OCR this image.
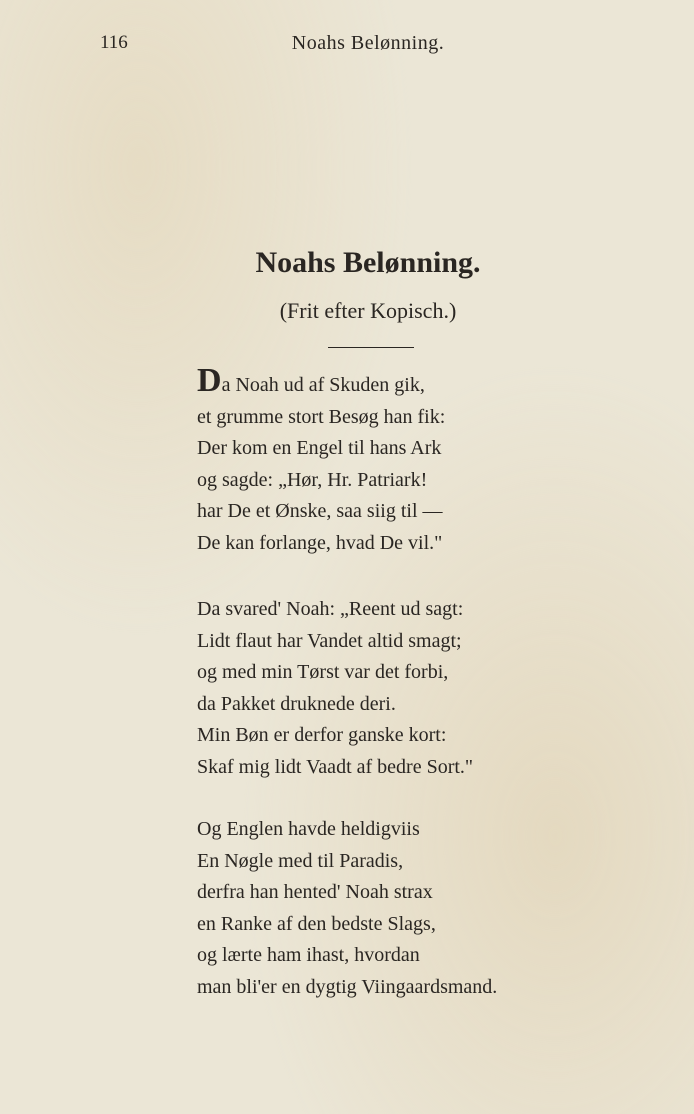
116	Noahs Belønning.
Noahs Belønning.
(Frit efter Kopisch.)
Da Noah ud af Skuden gik,
et grumme stort Besøg han fik:
Der kom en Engel til hans Ark
og sagde: „Hør, Hr. Patriark!
har De et Ønske, saa siig til —
De kan forlange, hvad De vil."
Da svared' Noah: „Reent ud sagt:
Lidt flaut har Vandet altid smagt;
og med min Tørst var det forbi,
da Pakket druknede deri.
Min Bøn er derfor ganske kort:
Skaf mig lidt Vaadt af bedre Sort."
Og Englen havde heldigviis
En Nøgle med til Paradis,
derfra han hented' Noah strax
en Ranke af den bedste Slags,
og lærte ham ihast, hvordan
man bli'er en dygtig Viingaardsmand.
